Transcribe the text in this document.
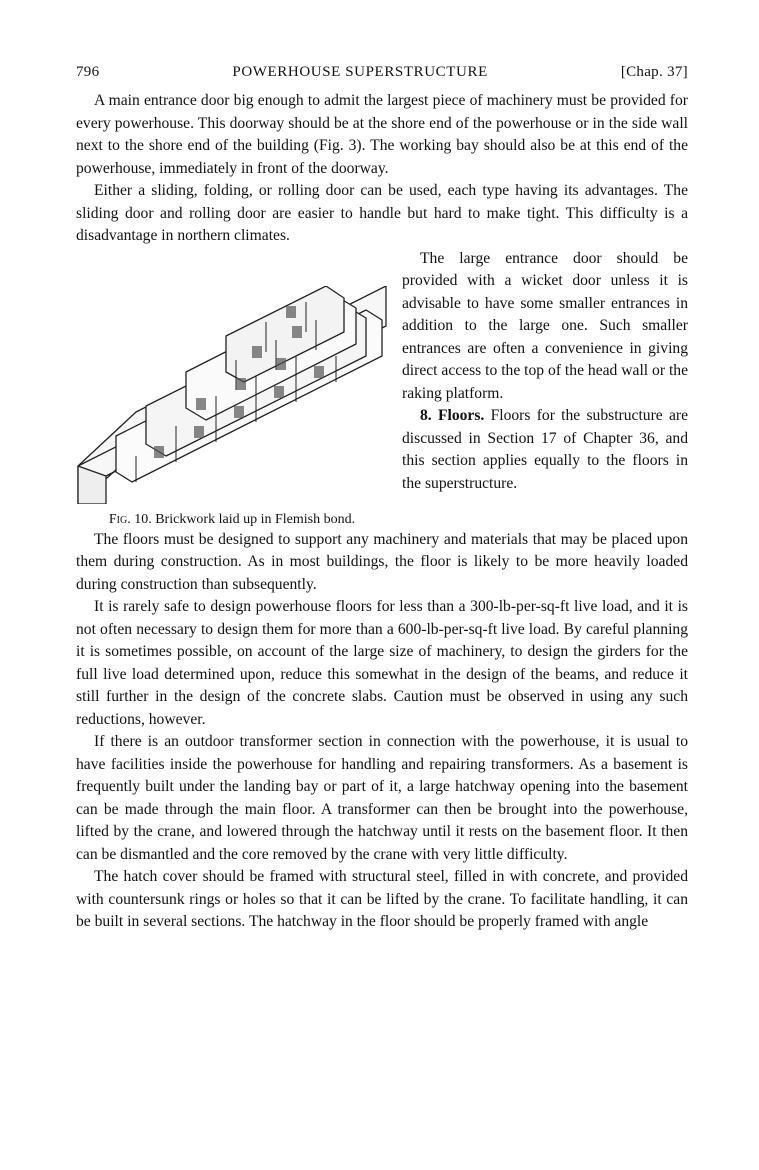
796	POWERHOUSE SUPERSTRUCTURE	[Chap. 37]

A main entrance door big enough to admit the largest piece of machinery must be provided for every powerhouse. This doorway should be at the shore end of the powerhouse or in the side wall next to the shore end of the building (Fig. 3). The working bay should also be at this end of the powerhouse, immediately in front of the doorway.

Either a sliding, folding, or rolling door can be used, each type having its advantages. The sliding door and rolling door are easier to handle but hard to make tight. This difficulty is a disadvantage in northern climates.

Fig. 10. Brickwork laid up in Flemish bond.

The large entrance door should be provided with a wicket door unless it is advisable to have some smaller entrances in addition to the large one. Such smaller entrances are often a convenience in giving direct access to the top of the head wall or the raking platform.

8. Floors. Floors for the substructure are discussed in Section 17 of Chapter 36, and this section applies equally to the floors in the superstructure.

The floors must be designed to support any machinery and materials that may be placed upon them during construction. As in most buildings, the floor is likely to be more heavily loaded during construction than subsequently.

It is rarely safe to design powerhouse floors for less than a 300-lb-per-sq-ft live load, and it is not often necessary to design them for more than a 600-lb-per-sq-ft live load. By careful planning it is sometimes possible, on account of the large size of machinery, to design the girders for the full live load determined upon, reduce this somewhat in the design of the beams, and reduce it still further in the design of the concrete slabs. Caution must be observed in using any such reductions, however.

If there is an outdoor transformer section in connection with the powerhouse, it is usual to have facilities inside the powerhouse for handling and repairing transformers. As a basement is frequently built under the landing bay or part of it, a large hatchway opening into the basement can be made through the main floor. A transformer can then be brought into the powerhouse, lifted by the crane, and lowered through the hatchway until it rests on the basement floor. It then can be dismantled and the core removed by the crane with very little difficulty.

The hatch cover should be framed with structural steel, filled in with concrete, and provided with countersunk rings or holes so that it can be lifted by the crane. To facilitate handling, it can be built in several sections. The hatchway in the floor should be properly framed with angle
